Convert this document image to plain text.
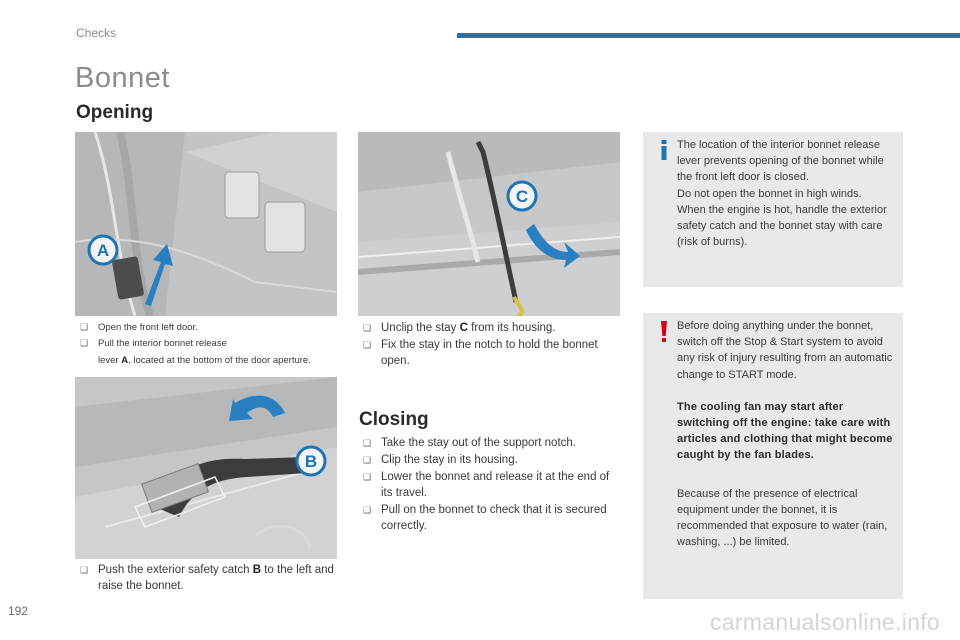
Checks
Bonnet
Opening
A
❑ Open the front left door.
❑ Pull the interior bonnet release
lever A, located at the bottom of the door aperture.
B
❑ Push the exterior safety catch B to the left and raise the bonnet.
C
❑ Unclip the stay C from its housing.
❑ Fix the stay in the notch to hold the bonnet open.
Closing
❑ Take the stay out of the support notch.
❑ Clip the stay in its housing.
❑ Lower the bonnet and release it at the end of its travel.
❑ Pull on the bonnet to check that it is secured correctly.

The location of the interior bonnet release lever prevents opening of the bonnet while the front left door is closed.

Do not open the bonnet in high winds.

When the engine is hot, handle the exterior safety catch and the bonnet stay with care (risk of burns).

Before doing anything under the bonnet, switch off the Stop & Start system to avoid any risk of injury resulting from an automatic change to START mode.

The cooling fan may start after switching off the engine: take care with articles and clothing that might become caught by the fan blades.

Because of the presence of electrical equipment under the bonnet, it is recommended that exposure to water (rain, washing, ...) be limited.

192	carmanualsonline.info
